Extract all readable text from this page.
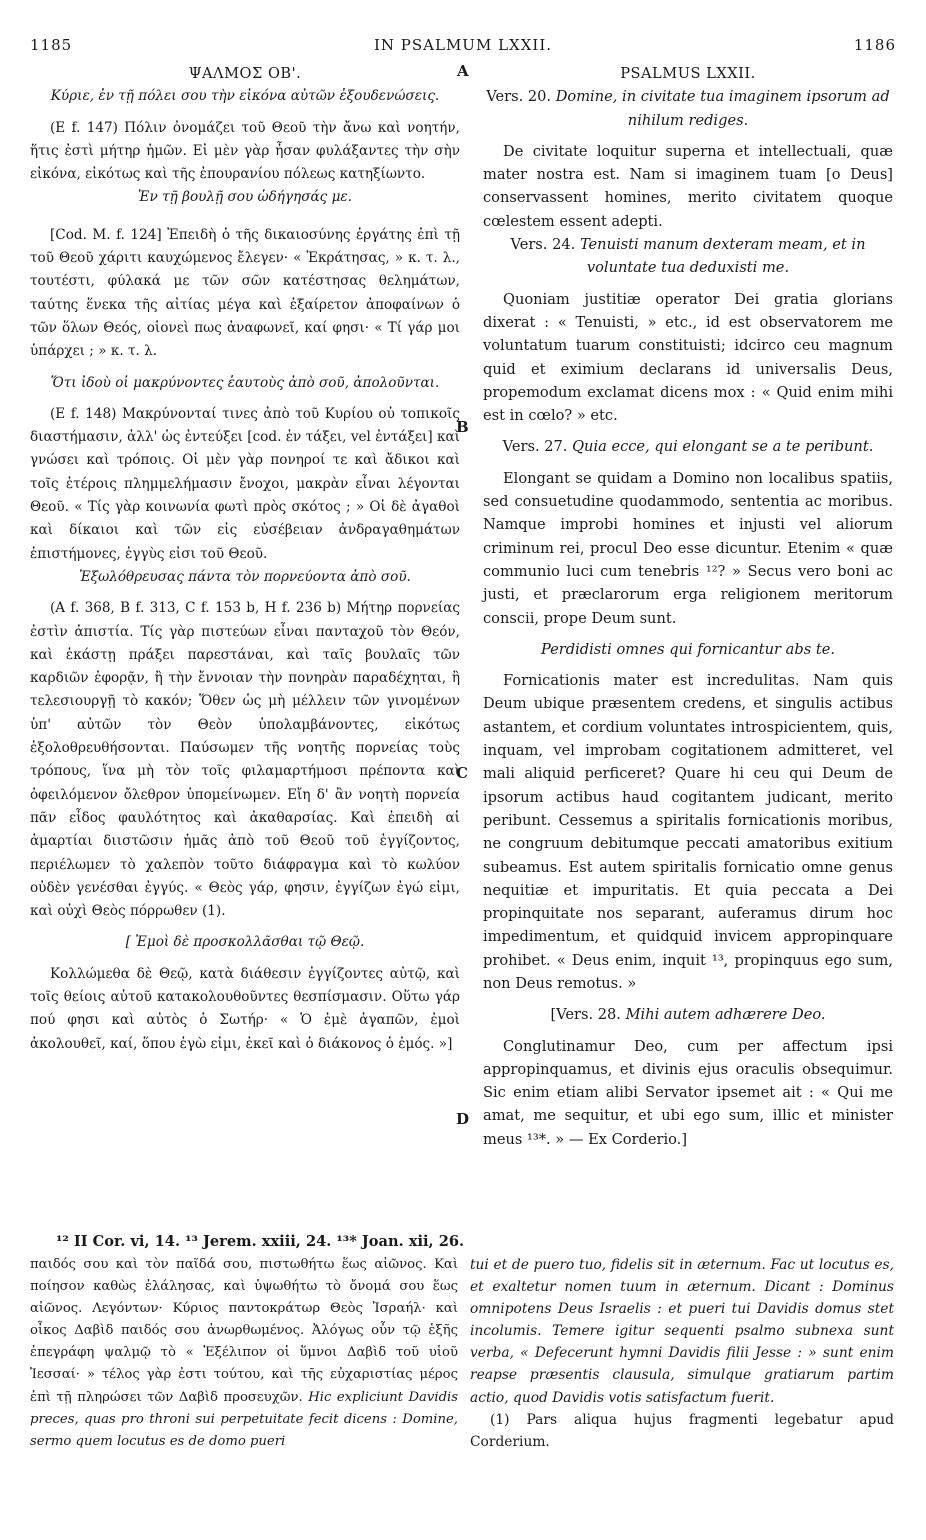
1185	IN PSALMUM LXXII.	1186
ΨΑΛΜΟΣ ΟΒ'.

Κύριε, ἐν τῇ πόλει σου τὴν εἰκόνα αὐτῶν ἐξουδενώσεις.

(E f. 147) Πόλιν ὀνομάζει τοῦ Θεοῦ τὴν ἄνω καὶ νοητήν, ἥτις ἐστὶ μήτηρ ἡμῶν. Εἰ μὲν γὰρ ἦσαν φυλάξαντες τὴν σὴν εἰκόνα, εἰκότως καὶ τῆς ἐπουρανίου πόλεως κατηξίωντο.

Ἐν τῇ βουλῇ σου ὡδήγησάς με.

[Cod. M. f. 124] Ἐπειδὴ ὁ τῆς δικαιοσύνης ἐργάτης ἐπὶ τῇ τοῦ Θεοῦ χάριτι καυχώμενος ἔλεγεν· « Ἐκράτησας, » κ. τ. λ., τουτέστι, φύλακά με τῶν σῶν κατέστησας θελημάτων, ταύτης ἕνεκα τῆς αἰτίας μέγα καὶ ἐξαίρετον ἀποφαίνων ὁ τῶν ὅλων Θεός, οἱονεὶ πως ἀναφωνεῖ, καί φησι· « Τί γάρ μοι ὑπάρχει ; » κ. τ. λ.

Ὅτι ἰδοὺ οἱ μακρύνοντες ἑαυτοὺς ἀπὸ σοῦ, ἀπολοῦνται.

(E f. 148) Μακρύνονταί τινες ἀπὸ τοῦ Κυρίου οὐ τοπικοῖς διαστήμασιν, ἀλλ' ὡς ἐντεύξει [cod. ἐν τάξει, vel ἐντάξει] καὶ γνώσει καὶ τρόποις. Οἱ μὲν γὰρ πονηροί τε καὶ ἄδικοι καὶ τοῖς ἑτέροις πλημμελήμασιν ἔνοχοι, μακρὰν εἶναι λέγονται Θεοῦ. « Τίς γὰρ κοινωνία φωτὶ πρὸς σκότος ; » Οἱ δὲ ἀγαθοὶ καὶ δίκαιοι καὶ τῶν εἰς εὐσέβειαν ἀνδραγαθημάτων ἐπιστήμονες, ἐγγὺς εἰσι τοῦ Θεοῦ.

Ἐξωλόθρευσας πάντα τὸν πορνεύοντα ἀπὸ σοῦ.

(A f. 368, B f. 313, C f. 153 b, H f. 236 b) Μήτηρ πορνείας ἐστὶν ἀπιστία. Τίς γὰρ πιστεύων εἶναι πανταχοῦ τὸν Θεόν, καὶ ἑκάστῃ πράξει παρεστάναι, καὶ ταῖς βουλαῖς τῶν καρδιῶν ἐφορᾷν, ἢ τὴν ἔννοιαν τὴν πονηρὰν παραδέχηται, ἢ τελεσιουργῇ τὸ κακόν; Ὅθεν ὡς μὴ μέλλειν τῶν γινομένων ὑπ' αὐτῶν τὸν Θεὸν ὑπολαμβάνοντες, εἰκότως ἐξολοθρευθήσονται. Παύσωμεν τῆς νοητῆς πορνείας τοὺς τρόπους, ἵνα μὴ τὸν τοῖς φιλαμαρτήμοσι πρέποντα καὶ ὀφειλόμενον ὄλεθρον ὑπομείνωμεν. Εἴη δ' ἂν νοητὴ πορνεία πᾶν εἶδος φαυλότητος καὶ ἀκαθαρσίας. Καὶ ἐπειδὴ αἱ ἁμαρτίαι διιστῶσιν ἡμᾶς ἀπὸ τοῦ Θεοῦ τοῦ ἐγγίζοντος, περιέλωμεν τὸ χαλεπὸν τοῦτο διάφραγμα καὶ τὸ κωλύον οὐδὲν γενέσθαι ἐγγύς. « Θεὸς γάρ, φησιν, ἐγγίζων ἐγώ εἰμι, καὶ οὐχὶ Θεὸς πόρρωθεν (1).

[ Ἐμοὶ δὲ προσκολλᾶσθαι τῷ Θεῷ.

Κολλώμεθα δὲ Θεῷ, κατὰ διάθεσιν ἐγγίζοντες αὐτῷ, καὶ τοῖς θείοις αὐτοῦ κατακολουθοῦντες θεσπίσμασιν. Οὕτω γάρ πού φησι καὶ αὐτὸς ὁ Σωτήρ· « Ὁ ἐμὲ ἀγαπῶν, ἐμοὶ ἀκολουθεῖ, καί, ὅπου ἐγὼ εἰμι, ἐκεῖ καὶ ὁ διάκονος ὁ ἐμός. »]

PSALMUS LXXII.

Vers. 20. Domine, in civitate tua imaginem ipsorum ad nihilum rediges.

De civitate loquitur superna et intellectuali, quæ mater nostra est. Nam si imaginem tuam [o Deus] conservassent homines, merito civitatem quoque cœlestem essent adepti.

Vers. 24. Tenuisti manum dexteram meam, et in voluntate tua deduxisti me.

Quoniam justitiæ operator Dei gratia glorians dixerat : « Tenuisti, » etc., id est observatorem me voluntatum tuarum constituisti; idcirco ceu magnum quid et eximium declarans id universalis Deus, propemodum exclamat dicens mox : « Quid enim mihi est in cœlo? » etc.

Vers. 27. Quia ecce, qui elongant se a te peribunt.

Elongant se quidam a Domino non localibus spatiis, sed consuetudine quodammodo, sententia ac moribus. Namque improbi homines et injusti vel aliorum criminum rei, procul Deo esse dicuntur. Etenim « quæ communio luci cum tenebris ¹²? » Secus vero boni ac justi, et præclarorum erga religionem meritorum conscii, prope Deum sunt.

Perdidisti omnes qui fornicantur abs te.

Fornicationis mater est incredulitas. Nam quis Deum ubique præsentem credens, et singulis actibus astantem, et cordium voluntates introspicientem, quis, inquam, vel improbam cogitationem admitteret, vel mali aliquid perficeret? Quare hi ceu qui Deum de ipsorum actibus haud cogitantem judicant, merito peribunt. Cessemus a spiritalis fornicationis moribus, ne congruum debitumque peccati amatoribus exitium subeamus. Est autem spiritalis fornicatio omne genus nequitiæ et impuritatis. Et quia peccata a Dei propinquitate nos separant, auferamus dirum hoc impedimentum, et quidquid invicem appropinquare prohibet. « Deus enim, inquit ¹³, propinquus ego sum, non Deus remotus. »

[Vers. 28. Mihi autem adhærere Deo.

Conglutinamur Deo, cum per affectum ipsi appropinquamus, et divinis ejus oraculis obsequimur. Sic enim etiam alibi Servator ipsemet ait : « Qui me amat, me sequitur, et ubi ego sum, illic et minister meus ¹³*. » — Ex Corderio.]

A
B
C
D
¹² II Cor. vi, 14. ¹³ Jerem. xxiii, 24. ¹³* Joan. xii, 26.
παιδός σου καὶ τὸν παῖδά σου, πιστωθήτω ἕως αἰῶνος. Καὶ ποίησον καθὼς ἐλάλησας, καὶ ὑψωθήτω τὸ ὄνομά σου ἕως αἰῶνος. Λεγόντων· Κύριος παντοκράτωρ Θεὸς Ἰσραήλ· καὶ οἶκος Δαβὶδ παιδός σου ἀνωρθωμένος. Ἀλόγως οὖν τῷ ἑξῆς ἐπεγράφη ψαλμῷ τὸ « Ἐξέλιπον οἱ ὕμνοι Δαβὶδ τοῦ υἱοῦ Ἰεσσαί· » τέλος γὰρ ἐστι τούτου, καὶ τῆς εὐχαριστίας μέρος ἐπὶ τῇ πληρώσει τῶν Δαβὶδ προσευχῶν. Hic expliciunt Davidis preces, quas pro throni sui perpetuitate fecit dicens : Domine, sermo quem locutus es de domo pueri

tui et de puero tuo, fidelis sit in æternum. Fac ut locutus es, et exaltetur nomen tuum in æternum. Dicant : Dominus omnipotens Deus Israelis : et pueri tui Davidis domus stet incolumis. Temere igitur sequenti psalmo subnexa sunt verba, « Defecerunt hymni Davidis filii Jesse : » sunt enim reapse præsentis clausula, simulque gratiarum partim actio, quod Davidis votis satisfactum fuerit.

(1) Pars aliqua hujus fragmenti legebatur apud Corderium.
